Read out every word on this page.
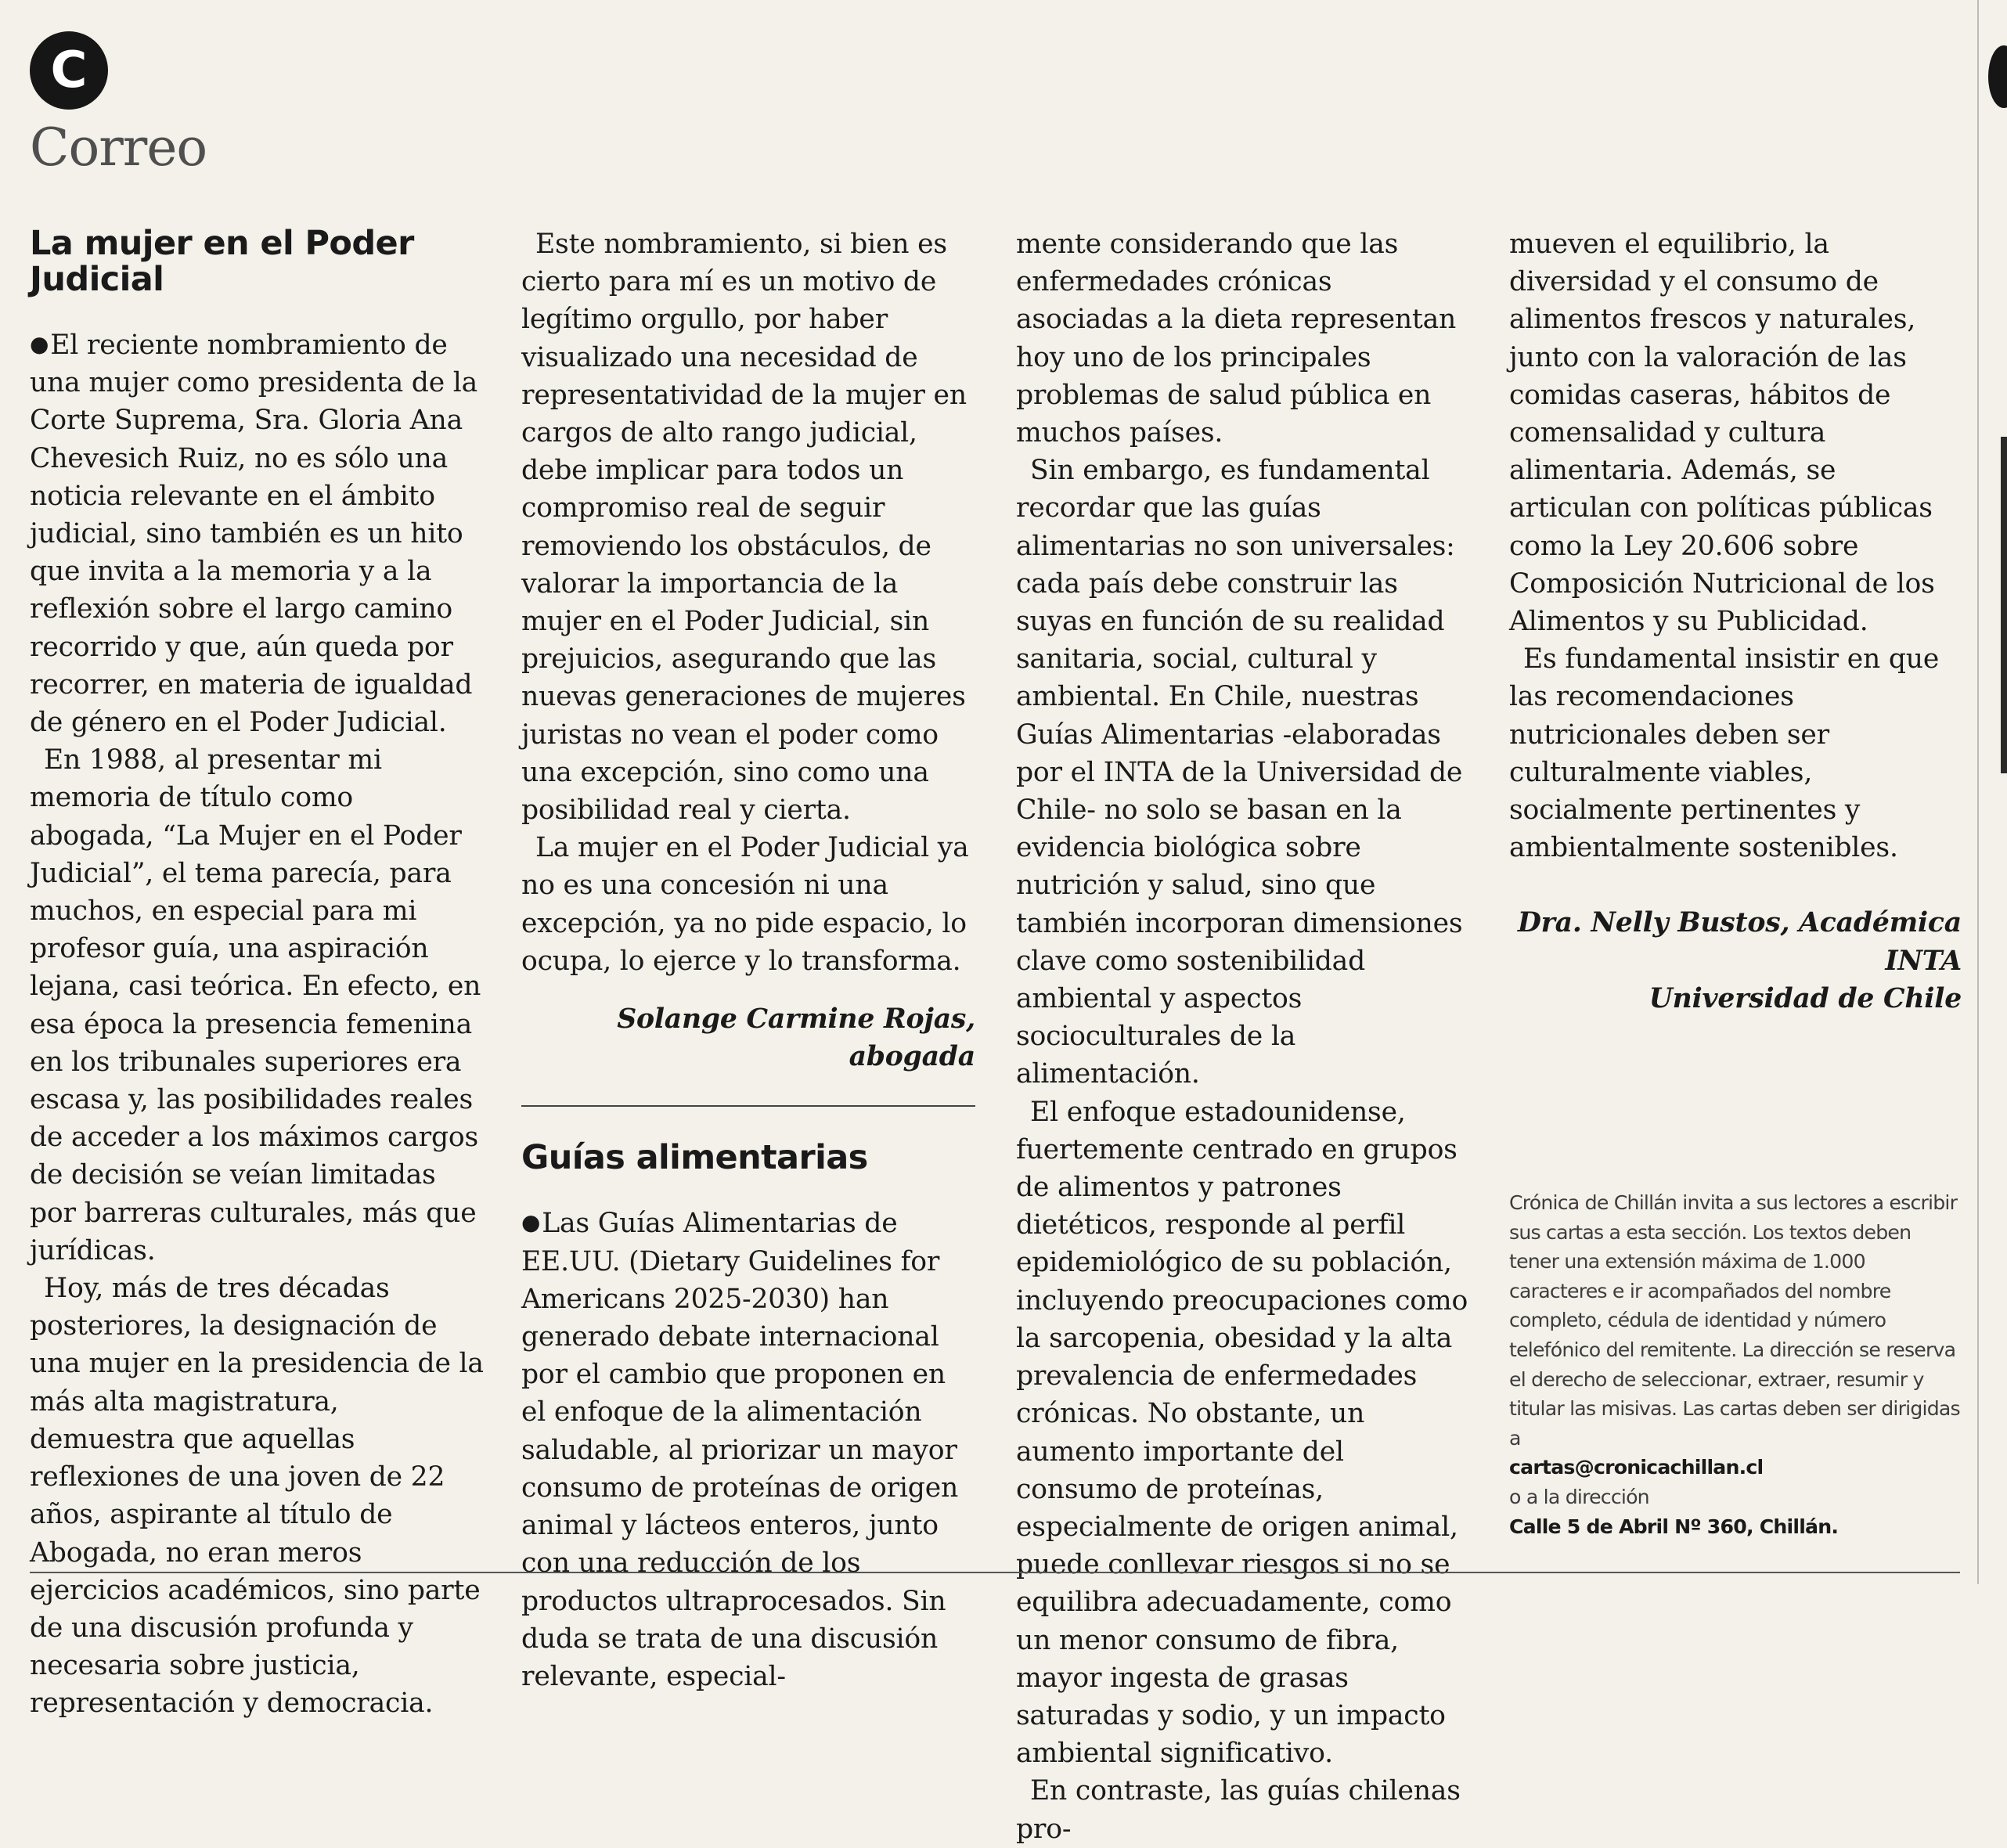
C
Correo
La mujer en el Poder Judicial

●El reciente nombramiento de una mujer como presidenta de la Corte Suprema, Sra. Gloria Ana Chevesich Ruiz, no es sólo una noticia relevante en el ámbito judicial, sino también es un hito que invita a la memoria y a la reflexión sobre el largo camino recorrido y que, aún queda por recorrer, en materia de igualdad de género en el Poder Judicial.

En 1988, al presentar mi memoria de título como abogada, “La Mujer en el Poder Judicial”, el tema parecía, para muchos, en especial para mi profesor guía, una aspiración lejana, casi teórica. En efecto, en esa época la presencia femenina en los tribunales superiores era escasa y, las posibilidades reales de acceder a los máximos cargos de decisión se veían limitadas por barreras culturales, más que jurídicas.

Hoy, más de tres décadas posteriores, la designación de una mujer en la presidencia de la más alta magistratura, demuestra que aquellas reflexiones de una joven de 22 años, aspirante al título de Abogada, no eran meros ejercicios académicos, sino parte de una discusión profunda y necesaria sobre justicia, representación y democracia.

Este nombramiento, si bien es cierto para mí es un motivo de legítimo orgullo, por haber visualizado una necesidad de representatividad de la mujer en cargos de alto rango judicial, debe implicar para todos un compromiso real de seguir removiendo los obstáculos, de valorar la importancia de la mujer en el Poder Judicial, sin prejuicios, asegurando que las nuevas generaciones de mujeres juristas no vean el poder como una excepción, sino como una posibilidad real y cierta.

La mujer en el Poder Judicial ya no es una concesión ni una excepción, ya no pide espacio, lo ocupa, lo ejerce y lo transforma.

Solange Carmine Rojas, abogada

Guías alimentarias

●Las Guías Alimentarias de EE.UU. (Dietary Guidelines for Americans 2025-2030) han generado debate internacional por el cambio que proponen en el enfoque de la alimentación saludable, al priorizar un mayor consumo de proteínas de origen animal y lácteos enteros, junto con una reducción de los productos ultraprocesados. Sin duda se trata de una discusión relevante, especial-

mente considerando que las enfermedades crónicas asociadas a la dieta representan hoy uno de los principales problemas de salud pública en muchos países.

Sin embargo, es fundamental recordar que las guías alimentarias no son universales: cada país debe construir las suyas en función de su realidad sanitaria, social, cultural y ambiental. En Chile, nuestras Guías Alimentarias -elaboradas por el INTA de la Universidad de Chile- no solo se basan en la evidencia biológica sobre nutrición y salud, sino que también incorporan dimensiones clave como sostenibilidad ambiental y aspectos socioculturales de la alimentación.

El enfoque estadounidense, fuertemente centrado en grupos de alimentos y patrones dietéticos, responde al perfil epidemiológico de su población, incluyendo preocupaciones como la sarcopenia, obesidad y la alta prevalencia de enfermedades crónicas. No obstante, un aumento importante del consumo de proteínas, especialmente de origen animal, puede conllevar riesgos si no se equilibra adecuadamente, como un menor consumo de fibra, mayor ingesta de grasas saturadas y sodio, y un impacto ambiental significativo.

En contraste, las guías chilenas pro-

mueven el equilibrio, la diversidad y el consumo de alimentos frescos y naturales, junto con la valoración de las comidas caseras, hábitos de comensalidad y cultura alimentaria. Además, se articulan con políticas públicas como la Ley 20.606 sobre Composición Nutricional de los Alimentos y su Publicidad.

Es fundamental insistir en que las recomendaciones nutricionales deben ser culturalmente viables, socialmente pertinentes y ambientalmente sostenibles.

Dra. Nelly Bustos, Académica INTA

Universidad de Chile

Crónica de Chillán invita a sus lectores a escribir sus cartas a esta sección. Los textos deben tener una extensión máxima de 1.000 caracteres e ir acompañados del nombre completo, cédula de identidad y número telefónico del remitente. La dirección se reserva el derecho de seleccionar, extraer, resumir y titular las misivas. Las cartas deben ser dirigidas a
cartas@cronicachillan.cl
o a la dirección
Calle 5 de Abril Nº 360, Chillán.
